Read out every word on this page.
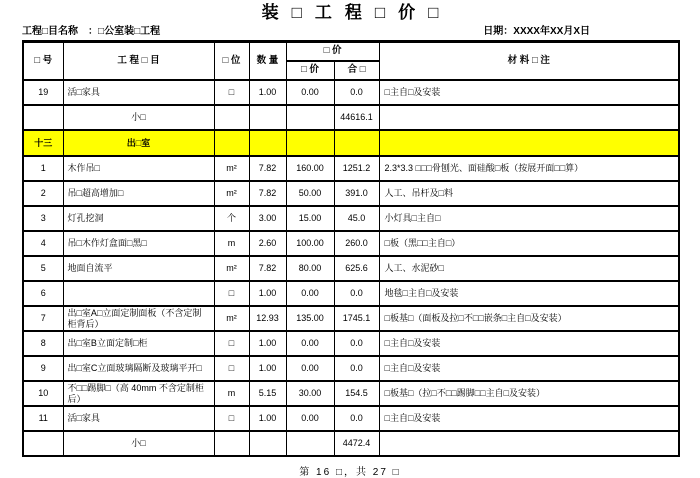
装□工程□价□
工程□目名称　：□公室装□工程	日期：XXXX年XX月X日
□ 号	工 程 □ 目	□ 位	数 量	□ 价		材 料 □ 注
				□ 价	合 □	
19	活□家具	□	1.00	0.00	0.0	□主自□及安装
	小□				44616.1	
十三	出□室					
1	木作吊□	m²	7.82	160.00	1251.2	2.3*3.3 □□□骨刨光、面硅酸□板（按展开面□□算）
2	吊□超高增加□	m²	7.82	50.00	391.0	人工、吊杆及□料
3	灯孔挖洞	个	3.00	15.00	45.0	小灯具□主自□
4	吊□木作灯盒面□黑□	m	2.60	100.00	260.0	□板（黑□□主自□）
5	地面自流平	m²	7.82	80.00	625.6	人工、水泥砂□
6		□	1.00	0.00	0.0	地毯□主自□及安装
7	出□室A□立面定制面板（不含定制柜背后）	m²	12.93	135.00	1745.1	□板基□（面板及拉□不□□嵌条□主自□及安装）
8	出□室B立面定制□柜	□	1.00	0.00	0.0	□主自□及安装
9	出□室C立面玻璃隔断及玻璃平开□	□	1.00	0.00	0.0	□主自□及安装
10	不□□踢脚□（高 40mm 不含定制柜后）	m	5.15	30.00	154.5	□板基□（拉□不□□踢脚□□主自□及安装）
11	活□家具	□	1.00	0.00	0.0	□主自□及安装
	小□				4472.4	
第 16 □，共 27 □
